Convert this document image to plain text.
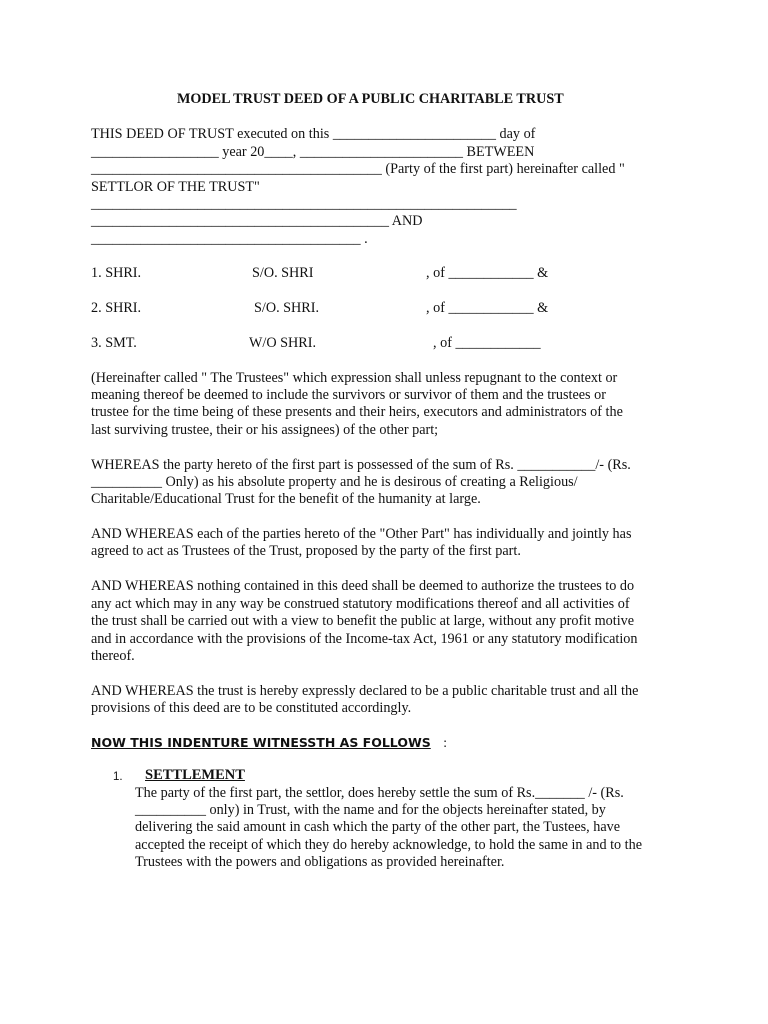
MODEL TRUST DEED OF A PUBLIC CHARITABLE TRUST
THIS DEED OF TRUST executed on this _______________________ day of
__________________ year 20____, _______________________ BETWEEN
_________________________________________ (Party of the first part) hereinafter called "
SETTLOR OF THE TRUST"
____________________________________________________________
__________________________________________ AND
______________________________________ .
1. SHRI.	S/O. SHRI	, of ____________ &
2. SHRI.	S/O. SHRI.	, of ____________ &
3. SMT.	W/O SHRI.	, of ____________
(Hereinafter called " The Trustees" which expression shall unless repugnant to the context or
meaning thereof be deemed to include the survivors or survivor of them and the trustees or
trustee for the time being of these presents and their heirs, executors and administrators of the
last surviving trustee, their or his assignees) of the other part;
WHEREAS the party hereto of the first part is possessed of the sum of Rs. ___________/- (Rs.
__________ Only) as his absolute property and he is desirous of creating a Religious/
Charitable/Educational Trust for the benefit of the humanity at large.
AND WHEREAS each of the parties hereto of the "Other Part" has individually and jointly has
agreed to act as Trustees of the Trust, proposed by the party of the first part.
AND WHEREAS nothing contained in this deed shall be deemed to authorize the trustees to do
any act which may in any way be construed statutory modifications thereof and all activities of
the trust shall be carried out with a view to benefit the public at large, without any profit motive
and in accordance with the provisions of the Income-tax Act, 1961 or any statutory modification
thereof.
AND WHEREAS the trust is hereby expressly declared to be a public charitable trust and all the
provisions of this deed are to be constituted accordingly.
NOW THIS INDENTURE WITNESSTH AS FOLLOWS :
1. SETTLEMENT
The party of the first part, the settlor, does hereby settle the sum of Rs._______ /- (Rs.
__________ only) in Trust, with the name and for the objects hereinafter stated, by
delivering the said amount in cash which the party of the other part, the Tustees, have
accepted the receipt of which they do hereby acknowledge, to hold the same in and to the
Trustees with the powers and obligations as provided hereinafter.
